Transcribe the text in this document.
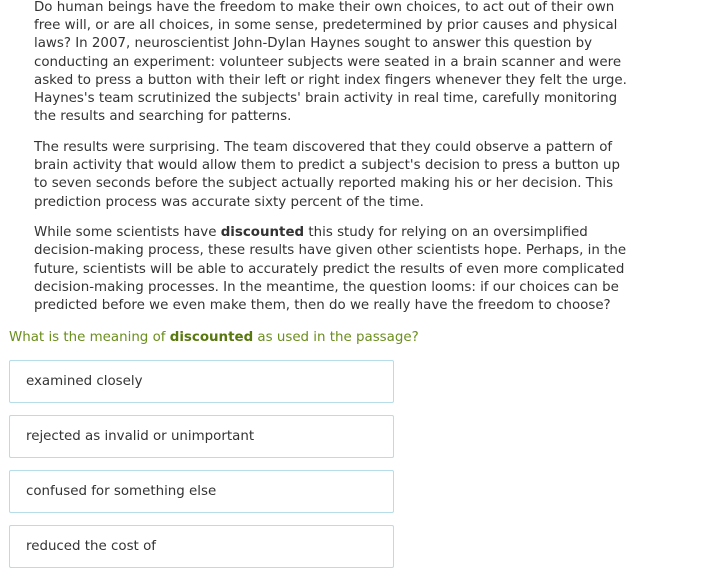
Do human beings have the freedom to make their own choices, to act out of their own free will, or are all choices, in some sense, predetermined by prior causes and physical laws? In 2007, neuroscientist John-Dylan Haynes sought to answer this question by conducting an experiment: volunteer subjects were seated in a brain scanner and were asked to press a button with their left or right index fingers whenever they felt the urge. Haynes's team scrutinized the subjects' brain activity in real time, carefully monitoring the results and searching for patterns.

The results were surprising. The team discovered that they could observe a pattern of brain activity that would allow them to predict a subject's decision to press a button up to seven seconds before the subject actually reported making his or her decision. This prediction process was accurate sixty percent of the time.

While some scientists have discounted this study for relying on an oversimplified decision-making process, these results have given other scientists hope. Perhaps, in the future, scientists will be able to accurately predict the results of even more complicated decision-making processes. In the meantime, the question looms: if our choices can be predicted before we even make them, then do we really have the freedom to choose?

What is the meaning of discounted as used in the passage?
examined closely
rejected as invalid or unimportant
confused for something else
reduced the cost of
